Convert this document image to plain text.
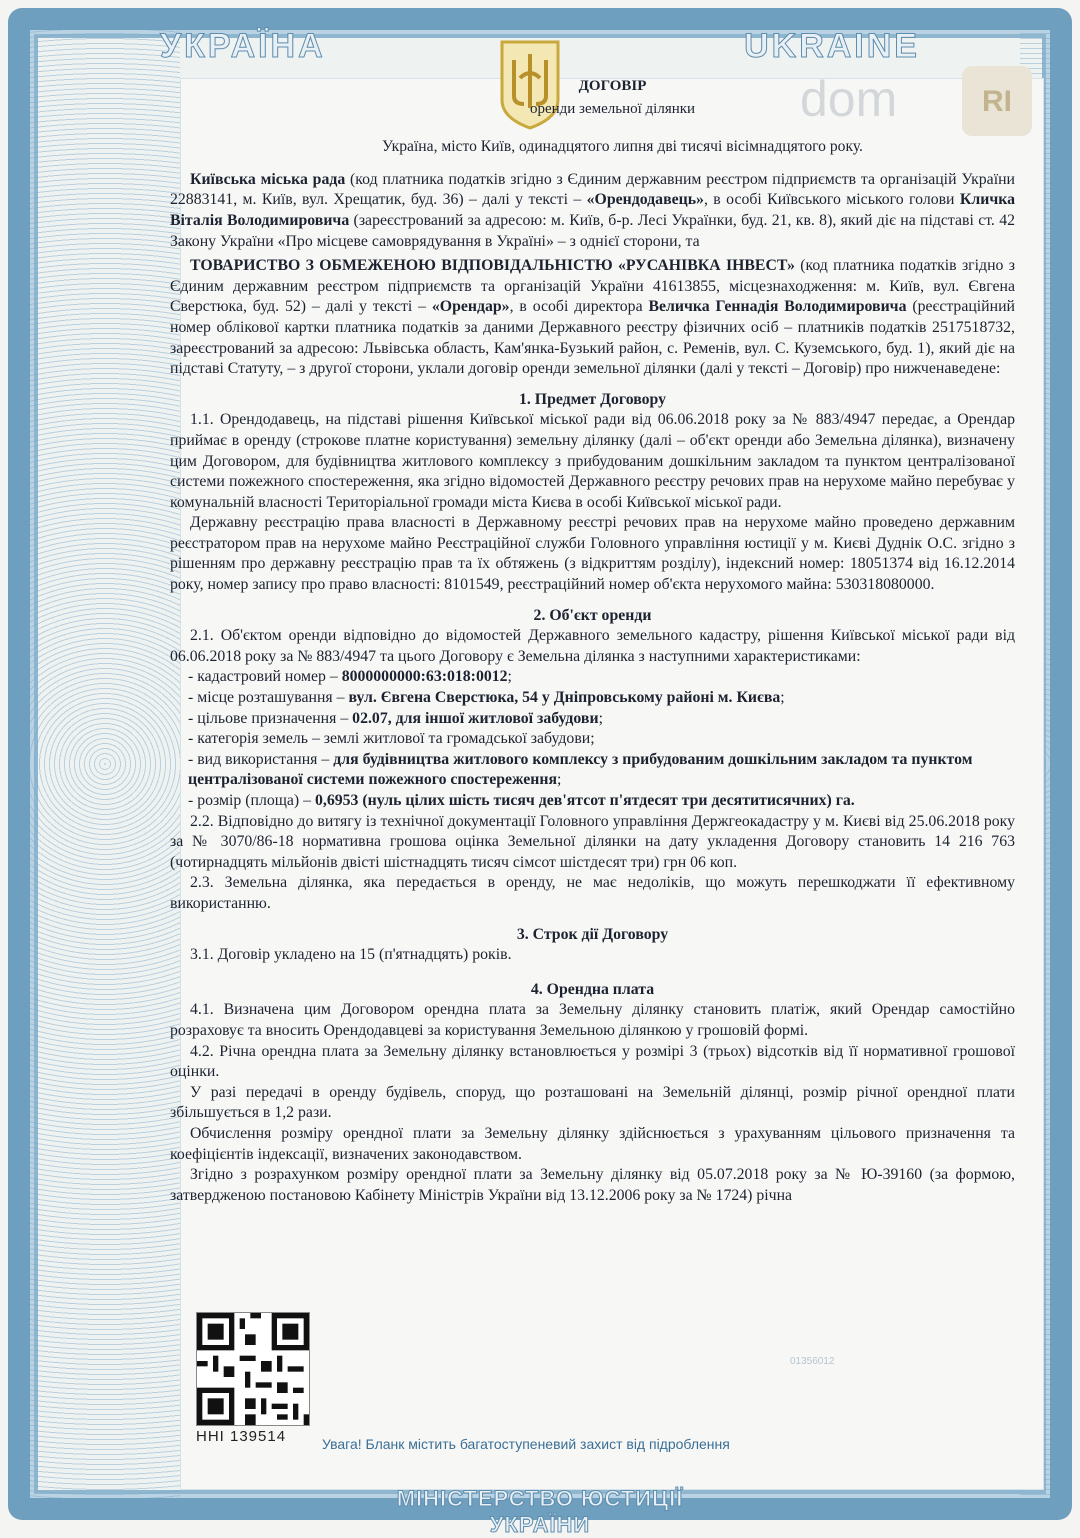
УКРАЇНА	UKRAINE
dom	RI
ДОГОВІР
оренди земельної ділянки
Україна, місто Київ, одинадцятого липня дві тисячі вісімнадцятого року.

Київська міська рада (код платника податків згідно з Єдиним державним реєстром підприємств та організацій України 22883141, м. Київ, вул. Хрещатик, буд. 36) – далі у тексті – «Орендодавець», в особі Київського міського голови Кличка Віталія Володимировича (зареєстрований за адресою: м. Київ, б-р. Лесі Українки, буд. 21, кв. 8), який діє на підставі ст. 42 Закону України «Про місцеве самоврядування в Україні» – з однієї сторони, та

ТОВАРИСТВО З ОБМЕЖЕНОЮ ВІДПОВІДАЛЬНІСТЮ «РУСАНІВКА ІНВЕСТ» (код платника податків згідно з Єдиним державним реєстром підприємств та організацій України 41613855, місцезнаходження: м. Київ, вул. Євгена Сверстюка, буд. 52) – далі у тексті – «Орендар», в особі директора Величка Геннадія Володимировича (реєстраційний номер облікової картки платника податків за даними Державного реєстру фізичних осіб – платників податків 2517518732, зареєстрований за адресою: Львівська область, Кам'янка-Бузький район, с. Ременів, вул. С. Куземського, буд. 1), який діє на підставі Статуту, – з другої сторони, уклали договір оренди земельної ділянки (далі у тексті – Договір) про нижченаведене:

1. Предмет Договору

1.1. Орендодавець, на підставі рішення Київської міської ради від 06.06.2018 року за № 883/4947 передає, а Орендар приймає в оренду (строкове платне користування) земельну ділянку (далі – об'єкт оренди або Земельна ділянка), визначену цим Договором, для будівництва житлового комплексу з прибудованим дошкільним закладом та пунктом централізованої системи пожежного спостереження, яка згідно відомостей Державного реєстру речових прав на нерухоме майно перебуває у комунальній власності Територіальної громади міста Києва в особі Київської міської ради.

Державну реєстрацію права власності в Державному реєстрі речових прав на нерухоме майно проведено державним реєстратором прав на нерухоме майно Реєстраційної служби Головного управління юстиції у м. Києві Дуднік О.С. згідно з рішенням про державну реєстрацію прав та їх обтяжень (з відкриттям розділу), індексний номер: 18051374 від 16.12.2014 року, номер запису про право власності: 8101549, реєстраційний номер об'єкта нерухомого майна: 530318080000.

2. Об'єкт оренди

2.1. Об'єктом оренди відповідно до відомостей Державного земельного кадастру, рішення Київської міської ради від 06.06.2018 року за № 883/4947 та цього Договору є Земельна ділянка з наступними характеристиками:

- кадастровий номер – 8000000000:63:018:0012;
- місце розташування – вул. Євгена Сверстюка, 54 у Дніпровському районі м. Києва;
- цільове призначення – 02.07, для іншої житлової забудови;
- категорія земель – землі житлової та громадської забудови;
- вид використання – для будівництва житлового комплексу з прибудованим дошкільним закладом та пунктом централізованої системи пожежного спостереження;
- розмір (площа) – 0,6953 (нуль цілих шість тисяч дев'ятсот п'ятдесят три десятитисячних) га.

2.2. Відповідно до витягу із технічної документації Головного управління Держгеокадастру у м. Києві від 25.06.2018 року за № 3070/86-18 нормативна грошова оцінка Земельної ділянки на дату укладення Договору становить 14 216 763 (чотирнадцять мільйонів двісті шістнадцять тисяч сімсот шістдесят три) грн 06 коп.

2.3. Земельна ділянка, яка передається в оренду, не має недоліків, що можуть перешкоджати її ефективному використанню.

3. Строк дії Договору

3.1. Договір укладено на 15 (п'ятнадцять) років.

4. Орендна плата

4.1. Визначена цим Договором орендна плата за Земельну ділянку становить платіж, який Орендар самостійно розраховує та вносить Орендодавцеві за користування Земельною ділянкою у грошовій формі.

4.2. Річна орендна плата за Земельну ділянку встановлюється у розмірі 3 (трьох) відсотків від її нормативної грошової оцінки.

У разі передачі в оренду будівель, споруд, що розташовані на Земельній ділянці, розмір річної орендної плати збільшується в 1,2 рази.

Обчислення розміру орендної плати за Земельну ділянку здійснюється з урахуванням цільового призначення та коефіцієнтів індексації, визначених законодавством.

Згідно з розрахунком розміру орендної плати за Земельну ділянку від 05.07.2018 року за № Ю-39160 (за формою, затвердженою постановою Кабінету Міністрів України від 13.12.2006 року за № 1724) річна

ННІ 139514	Увага! Бланк містить багатоступеневий захист від підроблення
01356012
МІНІСТЕРСТВО ЮСТИЦІЇ УКРАЇНИ
